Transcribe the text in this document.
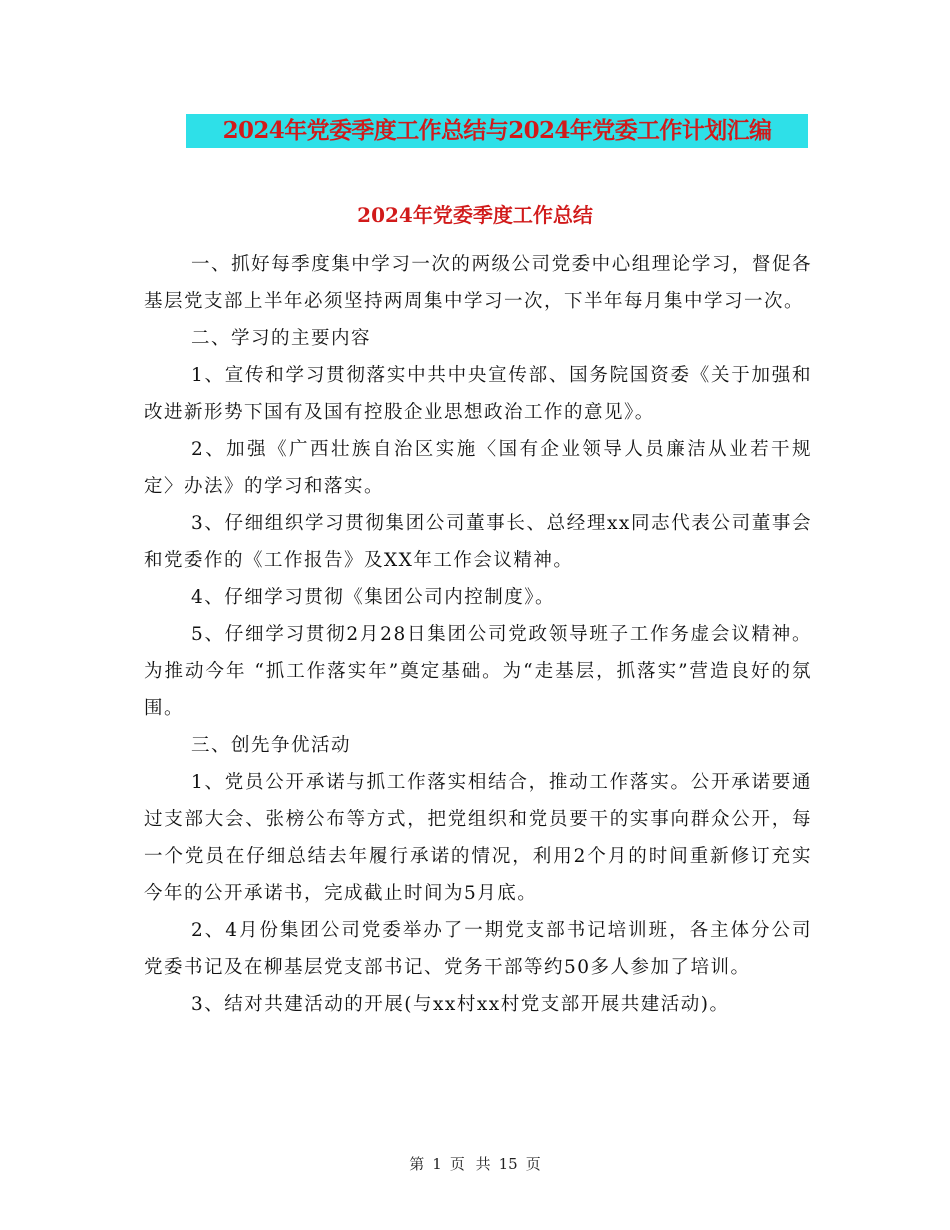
2024年党委季度工作总结与2024年党委工作计划汇编
2024年党委季度工作总结

一、抓好每季度集中学习一次的两级公司党委中心组理论学习，督促各基层党支部上半年必须坚持两周集中学习一次，下半年每月集中学习一次。

二、学习的主要内容

1、宣传和学习贯彻落实中共中央宣传部、国务院国资委《关于加强和改进新形势下国有及国有控股企业思想政治工作的意见》。

2、加强《广西壮族自治区实施〈国有企业领导人员廉洁从业若干规定〉办法》的学习和落实。

3、仔细组织学习贯彻集团公司董事长、总经理xx同志代表公司董事会和党委作的《工作报告》及XX年工作会议精神。

4、仔细学习贯彻《集团公司内控制度》。

5、仔细学习贯彻2月28日集团公司党政领导班子工作务虚会议精神。为推动今年 “抓工作落实年”奠定基础。为“走基层，抓落实”营造良好的氛围。

三、创先争优活动

1、党员公开承诺与抓工作落实相结合，推动工作落实。公开承诺要通过支部大会、张榜公布等方式，把党组织和党员要干的实事向群众公开，每一个党员在仔细总结去年履行承诺的情况，利用2个月的时间重新修订充实今年的公开承诺书，完成截止时间为5月底。

2、4月份集团公司党委举办了一期党支部书记培训班，各主体分公司党委书记及在柳基层党支部书记、党务干部等约50多人参加了培训。

3、结对共建活动的开展(与xx村xx村党支部开展共建活动)。

第 1 页 共 15 页
